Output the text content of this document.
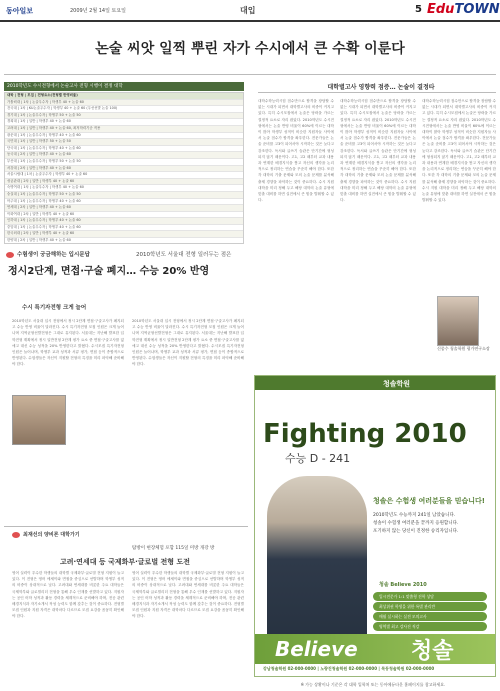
동아일보	2009년 2월 14일 토요일	대입	5 EduTOWN
논술 씨앗 일찍 뿌린 자가 수시에서 큰 수확 이룬다
2010학년도 수시전형에서 논술고사 전형 시행이 결정 대학
대학 | 전형 | 모집 | 전형요소(전형별 반영비율)
가톨릭대 | 1차 | 논술우수자 | 학생부 40 + 논술 60
건국대 | 1차 | KU논술우수자 | 학생부 40 + 논술 60 (우선선발 논술 100)
경기대 | 1차 | 논술우수자 | 학생부 50 + 논술 50
경희대 | 1차 | 일반 | 학생부 40 + 논술 60
고려대 | 1차 | 일반 | 학생부 40 + 논술 60, 최저학력기준 적용
광운대 | 1차 | 논술우수자 | 학생부 40 + 논술 60
국민대 | 1차 | 일반 | 학생부 50 + 논술 50
단국대 | 1차 | 논술우수자 | 학생부 40 + 논술 60
동국대 | 2차 | 일반 | 학생부 40 + 논술 60
부산대 | 1차 | 논술우수자 | 학생부 50 + 논술 50
서강대 | 2차 | 일반 | 학생부 40 + 논술 60
서울시립대 | 1차 | 논술우수자 | 학생부 40 + 논술 60
성균관대 | 2차 | 일반 | 학생부 40 + 논술 60
숙명여대 | 1차 | 논술우수자 | 학생부 40 + 논술 60
숭실대 | 1차 | 논술우수자 | 학생부 50 + 논술 50
아주대 | 1차 | 논술우수자 | 학생부 40 + 논술 60
연세대 | 2차 | 일반 | 학생부 40 + 논술 60
이화여대 | 2차 | 일반 | 학생부 40 + 논술 60
인하대 | 1차 | 논술우수자 | 학생부 40 + 논술 60
중앙대 | 1차 | 논술우수자 | 학생부 40 + 논술 60
한국외대 | 2차 | 일반 | 학생부 40 + 논술 60
한양대 | 2차 | 일반 | 학생부 40 + 논술 60
수험생이 궁금해하는 입시문답	2010학년도 서울대 전형 일러두는 점은
정시2단계, 면접·구술 폐지… 수능 20% 반영
수시 특기자전형 크게 늘어
2010학년도 서울대 입시 전형에서 정시 2단계 면접·구술고사가 폐지되고 수능 반영 비율이 달라진다. 수시 특기자전형 모집 인원은 크게 늘어나며 지역균형선발전형은 그대로 유지된다. 서울대는 지난해 발표한 입학전형 계획에서 정시 일반전형 2단계 평가 요소 중 면접·구술고사를 없애고 대신 수능 성적을 20% 반영한다고 밝혔다. 수시모집 특기자전형 인원은 늘어나며, 학생부 교과 성적과 서류 평가, 면접 등이 종합적으로 반영된다. 수험생들은 자신이 지원할 전형의 특징을 미리 파악해 준비해야 한다.
2010학년도 서울대 입시 전형에서 정시 2단계 면접·구술고사가 폐지되고 수능 반영 비율이 달라진다. 수시 특기자전형 모집 인원은 크게 늘어나며 지역균형선발전형은 그대로 유지된다. 서울대는 지난해 발표한 입학전형 계획에서 정시 일반전형 2단계 평가 요소 중 면접·구술고사를 없애고 대신 수능 성적을 20% 반영한다고 밝혔다. 수시모집 특기자전형 인원은 늘어나며, 학생부 교과 성적과 서류 평가, 면접 등이 종합적으로 반영된다. 수험생들은 자신이 지원할 전형의 특징을 미리 파악해 준비해야 한다.
대학별고사 영향력 점증… 논술이 결정타
대학수학능력시험 점수만으로 합격을 장담할 수 없는 시대가 되면서 대학별고사의 비중이 커지고 있다. 특히 수시모집에서 논술은 당락을 가르는 결정적 요소로 자리 잡았다. 2010학년도 수시전형에서는 논술 반영 비율이 60%에 이르는 대학이 많아 학생부 성적이 비슷한 지원자들 사이에서 논술 점수가 합격을 좌우한다. 전문가들은 논술 준비를 고3이 되어서야 시작하는 것은 늦다고 강조한다. 독서와 글쓰기 습관은 단기간에 형성되지 않기 때문이다. 고1, 고2 때부터 교과 내용과 연계한 배경지식을 쌓고 자신의 생각을 논리적으로 정리하는 연습을 꾸준히 해야 한다. 또한 각 대학의 기출 문제와 모의 논술 문제를 분석해 출제 경향을 파악하는 것이 중요하다. 수시 지원 대학을 미리 정해 두고 해당 대학의 논술 유형에 맞춘 대비를 하면 실전에서 큰 힘을 발휘할 수 있다.
대학수학능력시험 점수만으로 합격을 장담할 수 없는 시대가 되면서 대학별고사의 비중이 커지고 있다. 특히 수시모집에서 논술은 당락을 가르는 결정적 요소로 자리 잡았다. 2010학년도 수시전형에서는 논술 반영 비율이 60%에 이르는 대학이 많아 학생부 성적이 비슷한 지원자들 사이에서 논술 점수가 합격을 좌우한다. 전문가들은 논술 준비를 고3이 되어서야 시작하는 것은 늦다고 강조한다. 독서와 글쓰기 습관은 단기간에 형성되지 않기 때문이다. 고1, 고2 때부터 교과 내용과 연계한 배경지식을 쌓고 자신의 생각을 논리적으로 정리하는 연습을 꾸준히 해야 한다. 또한 각 대학의 기출 문제와 모의 논술 문제를 분석해 출제 경향을 파악하는 것이 중요하다. 수시 지원 대학을 미리 정해 두고 해당 대학의 논술 유형에 맞춘 대비를 하면 실전에서 큰 힘을 발휘할 수 있다.
대학수학능력시험 점수만으로 합격을 장담할 수 없는 시대가 되면서 대학별고사의 비중이 커지고 있다. 특히 수시모집에서 논술은 당락을 가르는 결정적 요소로 자리 잡았다. 2010학년도 수시전형에서는 논술 반영 비율이 60%에 이르는 대학이 많아 학생부 성적이 비슷한 지원자들 사이에서 논술 점수가 합격을 좌우한다. 전문가들은 논술 준비를 고3이 되어서야 시작하는 것은 늦다고 강조한다. 독서와 글쓰기 습관은 단기간에 형성되지 않기 때문이다. 고1, 고2 때부터 교과 내용과 연계한 배경지식을 쌓고 자신의 생각을 논리적으로 정리하는 연습을 꾸준히 해야 한다. 또한 각 대학의 기출 문제와 모의 논술 문제를 분석해 출제 경향을 파악하는 것이 중요하다. 수시 지원 대학을 미리 정해 두고 해당 대학의 논술 유형에 맞춘 대비를 하면 실전에서 큰 힘을 발휘할 수 있다.
신종수 청솔학원 평가연구소장
청솔학원
Fighting 2010
수능 D - 241
청솔은 수험생 여러분들을 믿습니다!
2010학년도 수능까지 241일 남았습니다.
청솔이 수험생 여러분을 끝까지 응원합니다.
포기하지 않는 당신이 진정한 승리자입니다.
청솔 Believe 2010
입시전문가 1:1 맞춤형 진학 상담
최상위권 학생을 위한 특별 관리반
매월 실시하는 실전 모의고사
영역별 최고 강사진 직강
Believe 청솔
강남청솔학원 02-000-0000 | 노량진청솔학원 02-000-0000 | 목동청솔학원 02-000-0000
최재선의 양비론 대학가기
탐방이 현장체험 포함 115일 미방 개강 방
고려·연세대 등 국제화부·글로벌 전형 도전
영어 실력이 우수한 학생들의 대학별 국제화부·글로벌 전형 지원이 늘고 있다. 이 전형은 영어 에세이와 면접을 중심으로 선발하며 학생부 성적의 비중이 상대적으로 낮다. 고려대와 연세대를 비롯한 주요 대학들은 국제학부와 글로벌리더 전형을 통해 우수 인재를 선발하고 있다. 지원자는 공인 어학 성적과 활동 경력을 체계적으로 준비해야 하며, 전공 관련 배경지식과 자기소개서 작성 능력도 함께 갖추는 것이 중요하다. 전형별 모집 인원과 지원 자격은 대학마다 다르므로 모집 요강을 꼼꼼히 확인해야 한다.
영어 실력이 우수한 학생들의 대학별 국제화부·글로벌 전형 지원이 늘고 있다. 이 전형은 영어 에세이와 면접을 중심으로 선발하며 학생부 성적의 비중이 상대적으로 낮다. 고려대와 연세대를 비롯한 주요 대학들은 국제학부와 글로벌리더 전형을 통해 우수 인재를 선발하고 있다. 지원자는 공인 어학 성적과 활동 경력을 체계적으로 준비해야 하며, 전공 관련 배경지식과 자기소개서 작성 능력도 함께 갖추는 것이 중요하다. 전형별 모집 인원과 지원 자격은 대학마다 다르므로 모집 요강을 꼼꼼히 확인해야 한다.
※ 가능 상황이나 기준은 각 대학 입학처 또는 동아에듀타운 홈페이지를 참고하세요.
